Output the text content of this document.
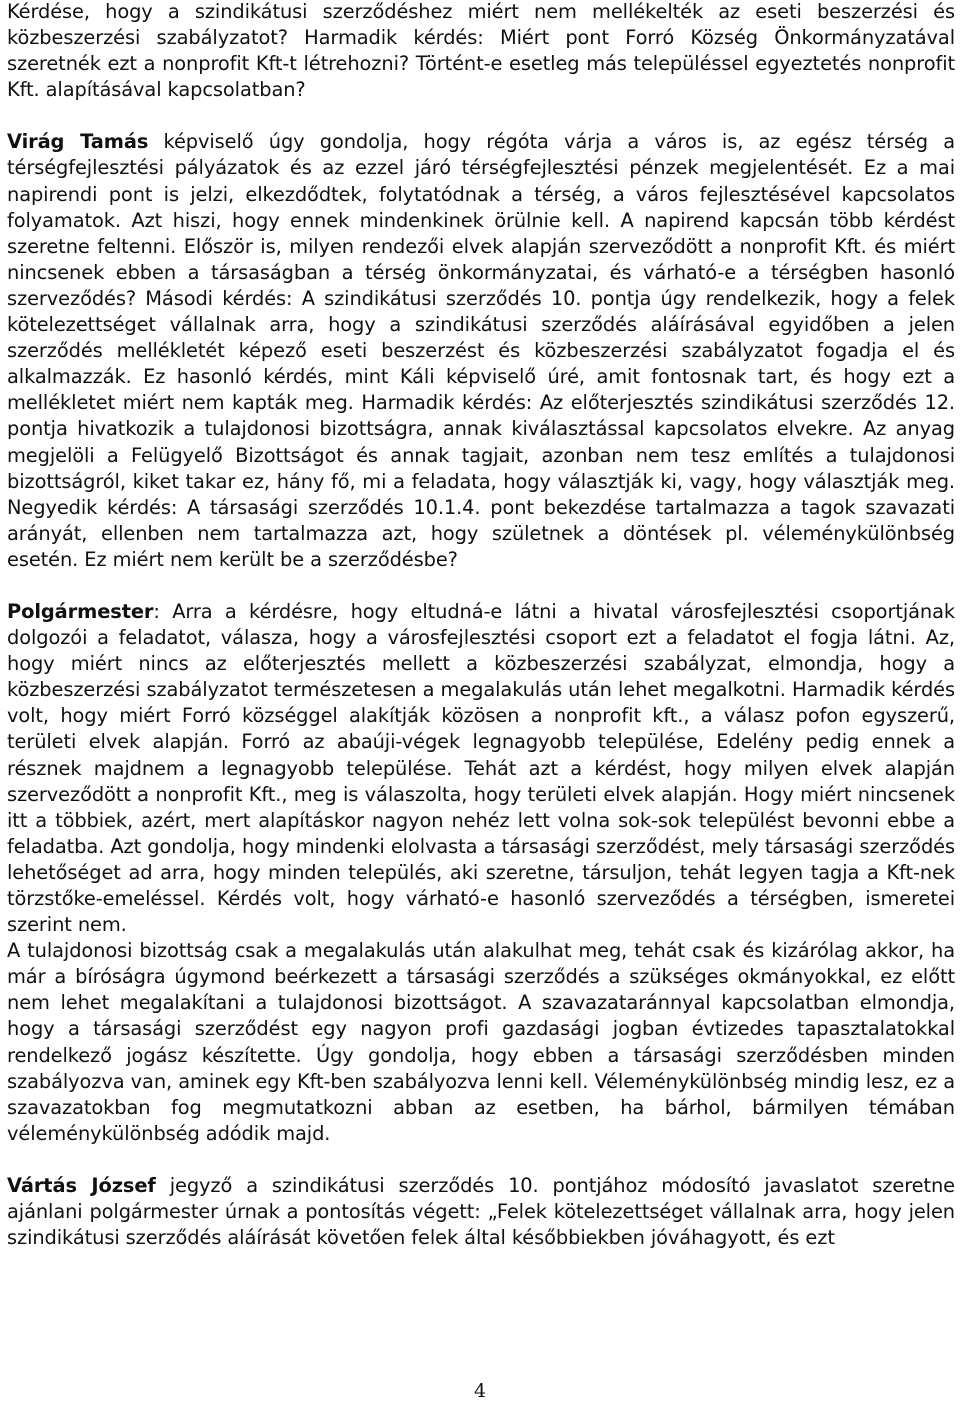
Kérdése, hogy a szindikátusi szerződéshez miért nem mellékelték az eseti beszerzési és közbeszerzési szabályzatot? Harmadik kérdés: Miért pont Forró Község Önkormányzatával szeretnék ezt a nonprofit Kft-t létrehozni? Történt-e esetleg más településsel egyeztetés nonprofit Kft. alapításával kapcsolatban?

Virág Tamás képviselő úgy gondolja, hogy régóta várja a város is, az egész térség a térségfejlesztési pályázatok és az ezzel járó térségfejlesztési pénzek megjelentését. Ez a mai napirendi pont is jelzi, elkezdődtek, folytatódnak a térség, a város fejlesztésével kapcsolatos folyamatok. Azt hiszi, hogy ennek mindenkinek örülnie kell. A napirend kapcsán több kérdést szeretne feltenni. Először is, milyen rendezői elvek alapján szerveződött a nonprofit Kft. és miért nincsenek ebben a társaságban a térség önkormányzatai, és várható-e a térségben hasonló szerveződés? Másodi kérdés: A szindikátusi szerződés 10. pontja úgy rendelkezik, hogy a felek kötelezettséget vállalnak arra, hogy a szindikátusi szerződés aláírásával egyidőben a jelen szerződés mellékletét képező eseti beszerzést és közbeszerzési szabályzatot fogadja el és alkalmazzák. Ez hasonló kérdés, mint Káli képviselő úré, amit fontosnak tart, és hogy ezt a mellékletet miért nem kapták meg. Harmadik kérdés: Az előterjesztés szindikátusi szerződés 12. pontja hivatkozik a tulajdonosi bizottságra, annak kiválasztással kapcsolatos elvekre. Az anyag megjelöli a Felügyelő Bizottságot és annak tagjait, azonban nem tesz említés a tulajdonosi bizottságról, kiket takar ez, hány fő, mi a feladata, hogy választják ki, vagy, hogy választják meg. Negyedik kérdés: A társasági szerződés 10.1.4. pont bekezdése tartalmazza a tagok szavazati arányát, ellenben nem tartalmazza azt, hogy születnek a döntések pl. véleménykülönbség esetén. Ez miért nem került be a szerződésbe?

Polgármester: Arra a kérdésre, hogy eltudná-e látni a hivatal városfejlesztési csoportjának dolgozói a feladatot, válasza, hogy a városfejlesztési csoport ezt a feladatot el fogja látni. Az, hogy miért nincs az előterjesztés mellett a közbeszerzési szabályzat, elmondja, hogy a közbeszerzési szabályzatot természetesen a megalakulás után lehet megalkotni. Harmadik kérdés volt, hogy miért Forró községgel alakítják közösen a nonprofit kft., a válasz pofon egyszerű, területi elvek alapján. Forró az abaúji-végek legnagyobb települése, Edelény pedig ennek a résznek majdnem a legnagyobb települése. Tehát azt a kérdést, hogy milyen elvek alapján szerveződött a nonprofit Kft., meg is válaszolta, hogy területi elvek alapján. Hogy miért nincsenek itt a többiek, azért, mert alapításkor nagyon nehéz lett volna sok-sok települést bevonni ebbe a feladatba. Azt gondolja, hogy mindenki elolvasta a társasági szerződést, mely társasági szerződés lehetőséget ad arra, hogy minden település, aki szeretne, társuljon, tehát legyen tagja a Kft-nek törzstőke-emeléssel. Kérdés volt, hogy várható-e hasonló szerveződés a térségben, ismeretei szerint nem.

A tulajdonosi bizottság csak a megalakulás után alakulhat meg, tehát csak és kizárólag akkor, ha már a bíróságra úgymond beérkezett a társasági szerződés a szükséges okmányokkal, ez előtt nem lehet megalakítani a tulajdonosi bizottságot. A szavazataránnyal kapcsolatban elmondja, hogy a társasági szerződést egy nagyon profi gazdasági jogban évtizedes tapasztalatokkal rendelkező jogász készítette. Úgy gondolja, hogy ebben a társasági szerződésben minden szabályozva van, aminek egy Kft-ben szabályozva lenni kell. Véleménykülönbség mindig lesz, ez a szavazatokban fog megmutatkozni abban az esetben, ha bárhol, bármilyen témában véleménykülönbség adódik majd.

Vártás József jegyző a szindikátusi szerződés 10. pontjához módosító javaslatot szeretne ajánlani polgármester úrnak a pontosítás végett: „Felek kötelezettséget vállalnak arra, hogy jelen szindikátusi szerződés aláírását követően felek által későbbiekben jóváhagyott, és ezt

4
